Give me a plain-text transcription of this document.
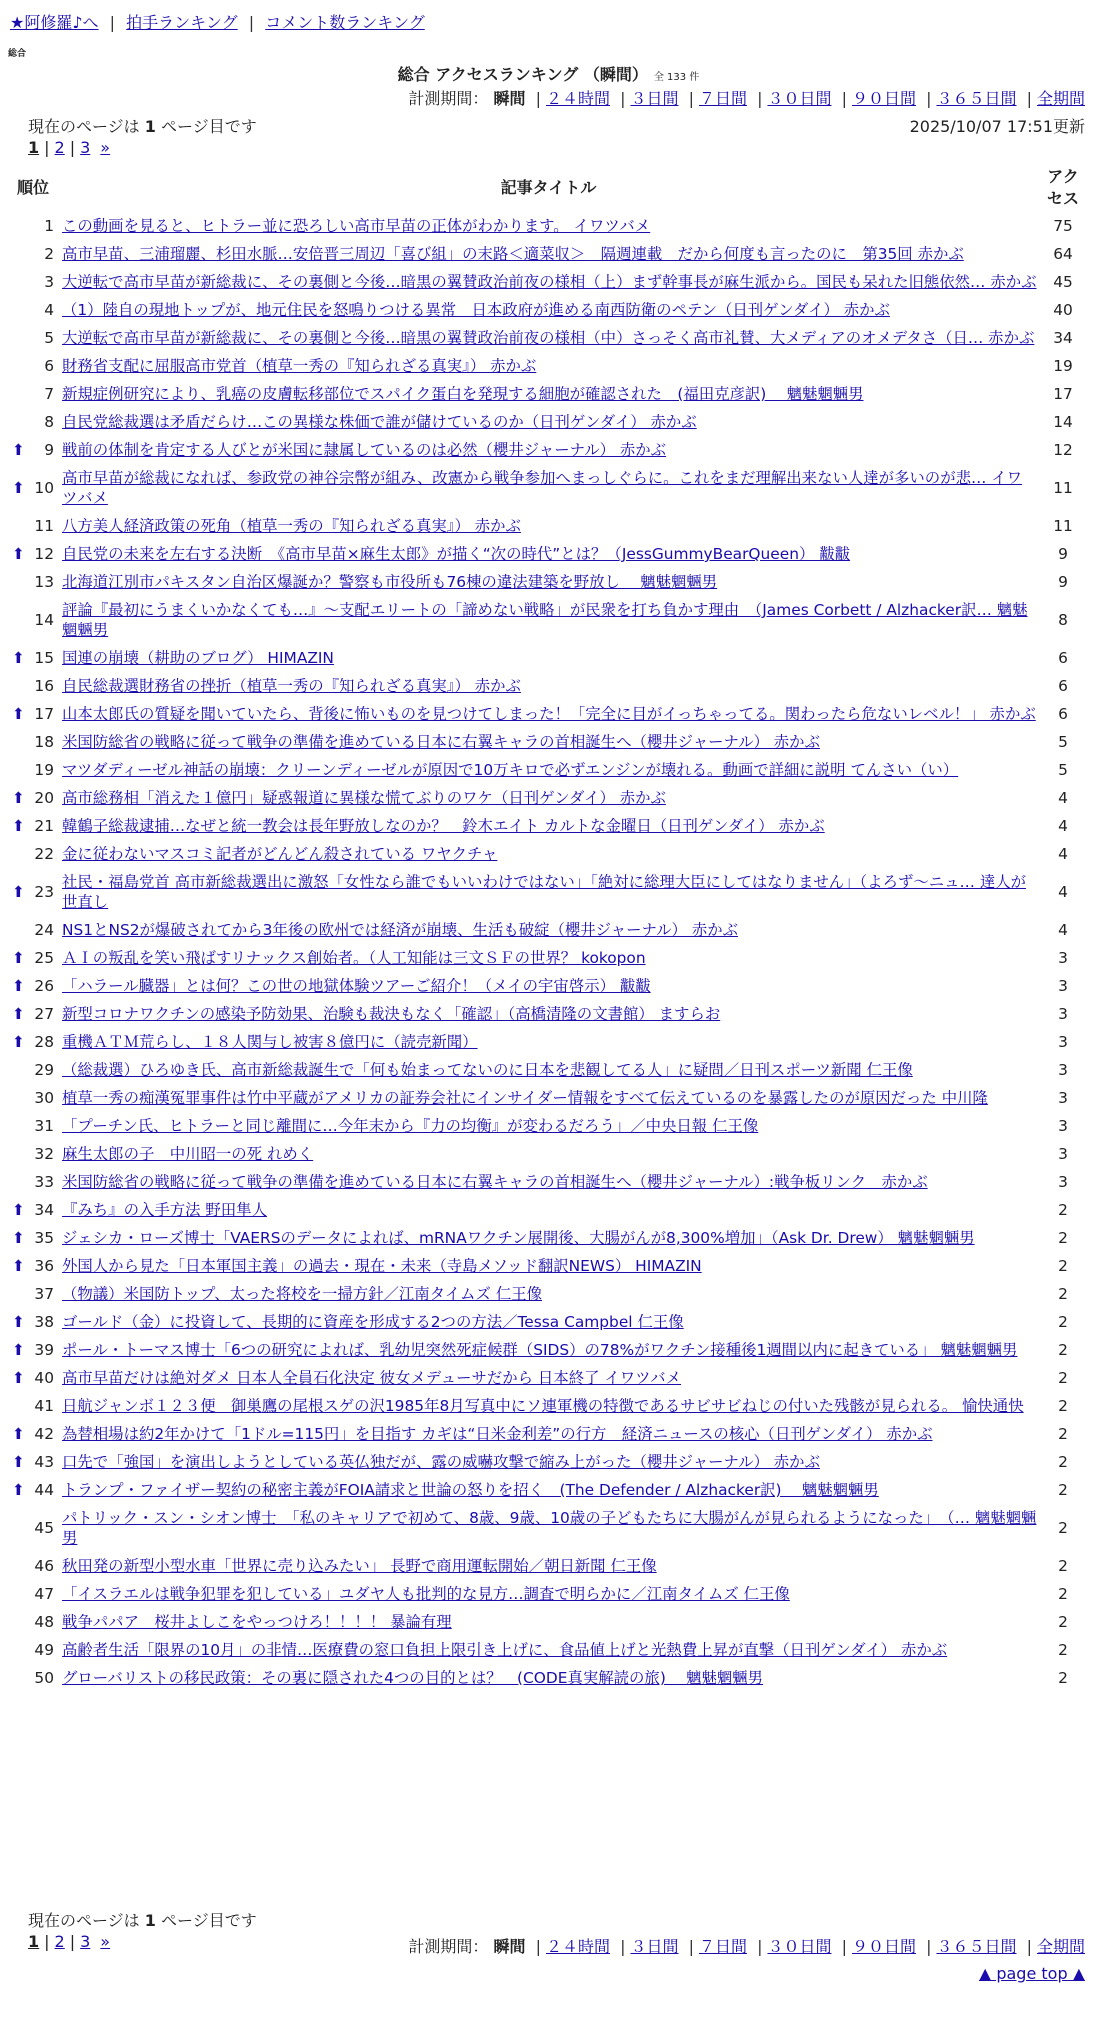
★阿修羅♪へ | 拍手ランキング | コメント数ランキング
総合
総合 アクセスランキング （瞬間） 全 133 件
計測期間： 瞬間 | ２４時間 | ３日間 | ７日間 | ３０日間 | ９０日間 | ３６５日間 | 全期間
現在のページは 1 ページ目です	2025/10/07 17:51更新
1 | 2 | 3 »
順位		記事タイトル	アクセス
	1	この動画を見ると、ヒトラー並に恐ろしい高市早苗の正体がわかります。 イワツバメ	75
	2	高市早苗、三浦瑠麗、杉田水脈…安倍晋三周辺「喜び組」の末路＜適菜収＞　隔週連載　だから何度も言ったのに　第35回 赤かぶ	64
	3	大逆転で高市早苗が新総裁に、その裏側と今後…暗黒の翼賛政治前夜の様相（上）まず幹事長が麻生派から。国民も呆れた旧態依然… 赤かぶ	45
	4	（1）陸自の現地トップが、地元住民を怒鳴りつける異常　日本政府が進める南西防衛のペテン（日刊ゲンダイ） 赤かぶ	40
	5	大逆転で高市早苗が新総裁に、その裏側と今後…暗黒の翼賛政治前夜の様相（中）さっそく高市礼賛、大メディアのオメデタさ（日… 赤かぶ	34
	6	財務省支配に屈服高市党首（植草一秀の『知られざる真実』） 赤かぶ	19
	7	新規症例研究により、乳癌の皮膚転移部位でスパイク蛋白を発現する細胞が確認された　(福田克彦訳)　 魑魅魍魎男	17
	8	自民党総裁選は矛盾だらけ…この異様な株価で誰が儲けているのか（日刊ゲンダイ） 赤かぶ	14
⬆	9	戦前の体制を肯定する人びとが米国に隷属しているのは必然（櫻井ジャーナル） 赤かぶ	12
⬆	10	高市早苗が総裁になれば、参政党の神谷宗幣が組み、改憲から戦争参加へまっしぐらに。これをまだ理解出来ない人達が多いのが悲… イワツバメ	11
	11	八方美人経済政策の死角（植草一秀の『知られざる真実』） 赤かぶ	11
⬆	12	自民党の未来を左右する決断　《高市早苗×麻生太郎》が描く“次の時代”とは？（JessGummyBearQueen） 黻黻	9
	13	北海道江別市パキスタン自治区爆誕か？警察も市役所も76棟の違法建築を野放し　 魑魅魍魎男	9
	14	評論『最初にうまくいかなくても…』～支配エリートの「諦めない戦略」が民衆を打ち負かす理由　（James Corbett / Alzhacker訳… 魑魅魍魎男	8
⬆	15	国連の崩壊（耕助のブログ） HIMAZIN	6
	16	自民総裁選財務省の挫折（植草一秀の『知られざる真実』） 赤かぶ	6
⬆	17	山本太郎氏の質疑を聞いていたら、背後に怖いものを見つけてしまった！「完全に目がイっちゃってる。関わったら危ないレベル！」 赤かぶ	6
	18	米国防総省の戦略に従って戦争の準備を進めている日本に右翼キャラの首相誕生へ（櫻井ジャーナル） 赤かぶ	5
	19	マツダディーゼル神話の崩壊：クリーンディーゼルが原因で10万キロで必ずエンジンが壊れる。動画で詳細に説明 てんさい（い）	5
⬆	20	高市総務相「消えた１億円」疑惑報道に異様な慌てぶりのワケ（日刊ゲンダイ） 赤かぶ	4
⬆	21	韓鶴子総裁逮捕…なぜと統一教会は長年野放しなのか？　鈴木エイト カルトな金曜日（日刊ゲンダイ） 赤かぶ	4
	22	金に従わないマスコミ記者がどんどん殺されている ワヤクチャ	4
⬆	23	社民・福島党首 高市新総裁選出に激怒「女性なら誰でもいいわけではない」「絶対に総理大臣にしてはなりません」（よろず～ニュ… 達人が世直し	4
	24	NS1とNS2が爆破されてから3年後の欧州では経済が崩壊、生活も破綻（櫻井ジャーナル） 赤かぶ	4
⬆	25	ＡＩの叛乱を笑い飛ばすリナックス創始者。（人工知能は三文ＳＦの世界？ kokopon	3
⬆	26	「ハラール臓器」とは何？この世の地獄体験ツアーご紹介！（メイの宇宙啓示） 黻黻	3
⬆	27	新型コロナワクチンの感染予防効果、治験も裁決もなく「確認」（高橋清隆の文書館） ますらお	3
⬆	28	重機ＡＴＭ荒らし、１８人関与し被害８億円に（読売新聞）	3
	29	（総裁選）ひろゆき氏、高市新総裁誕生で「何も始まってないのに日本を悲観してる人」に疑問／日刊スポーツ新聞 仁王像	3
	30	植草一秀の痴漢冤罪事件は竹中平蔵がアメリカの証券会社にインサイダー情報をすべて伝えているのを暴露したのが原因だった 中川隆	3
	31	「プーチン氏、ヒトラーと同じ離間に…今年末から『力の均衡』が変わるだろう」／中央日報 仁王像	3
	32	麻生太郎の子　中川昭一の死 れめく	3
	33	米国防総省の戦略に従って戦争の準備を進めている日本に右翼キャラの首相誕生へ（櫻井ジャーナル）:戦争板リンク　赤かぶ	3
⬆	34	『みち』の入手方法 野田隼人	2
⬆	35	ジェシカ・ローズ博士「VAERSのデータによれば、mRNAワクチン展開後、大腸がんが8,300%増加」（Ask Dr. Drew） 魑魅魍魎男	2
⬆	36	外国人から見た「日本軍国主義」の過去・現在・未来（寺島メソッド翻訳NEWS） HIMAZIN	2
	37	（物議）米国防トップ、太った将校を一掃方針／江南タイムズ 仁王像	2
⬆	38	ゴールド（金）に投資して、長期的に資産を形成する2つの方法／Tessa Campbel 仁王像	2
⬆	39	ポール・トーマス博士「6つの研究によれば、乳幼児突然死症候群（SIDS）の78%がワクチン接種後1週間以内に起きている」 魑魅魍魎男	2
⬆	40	高市早苗だけは絶対ダメ 日本人全員石化決定 彼女メデューサだから 日本終了 イワツバメ	2
	41	日航ジャンボ１２３便　御巣鷹の尾根スゲの沢1985年8月写真中にソ連軍機の特徴であるサビサビねじの付いた残骸が見られる。 愉快通快	2
⬆	42	為替相場は約2年かけて「1ドル=115円」を目指す カギは“日米金利差”の行方　経済ニュースの核心（日刊ゲンダイ） 赤かぶ	2
⬆	43	口先で「強国」を演出しようとしている英仏独だが、露の威嚇攻撃で縮み上がった（櫻井ジャーナル） 赤かぶ	2
⬆	44	トランプ・ファイザー契約の秘密主義がFOIA請求と世論の怒りを招く　(The Defender / Alzhacker訳)　 魑魅魍魎男	2
	45	パトリック・スン・シオン博士　「私のキャリアで初めて、8歳、9歳、10歳の子どもたちに大腸がんが見られるようになった」　（… 魑魅魍魎男	2
	46	秋田発の新型小型水車「世界に売り込みたい」 長野で商用運転開始／朝日新聞 仁王像	2
	47	「イスラエルは戦争犯罪を犯している」ユダヤ人も批判的な見方…調査で明らかに／江南タイムズ 仁王像	2
	48	戦争パパア　桜井よしこをやっつけろ！！！！ 暴論有理	2
	49	高齢者生活「限界の10月」の非情…医療費の窓口負担上限引き上げに、食品値上げと光熱費上昇が直撃（日刊ゲンダイ） 赤かぶ	2
	50	グローバリストの移民政策：その裏に隠された4つの目的とは？　(CODE真実解読の旅)　 魑魅魍魎男	2
現在のページは 1 ページ目です
1 | 2 | 3 »	計測期間： 瞬間 | ２４時間 | ３日間 | ７日間 | ３０日間 | ９０日間 | ３６５日間 | 全期間
▲ page top ▲
